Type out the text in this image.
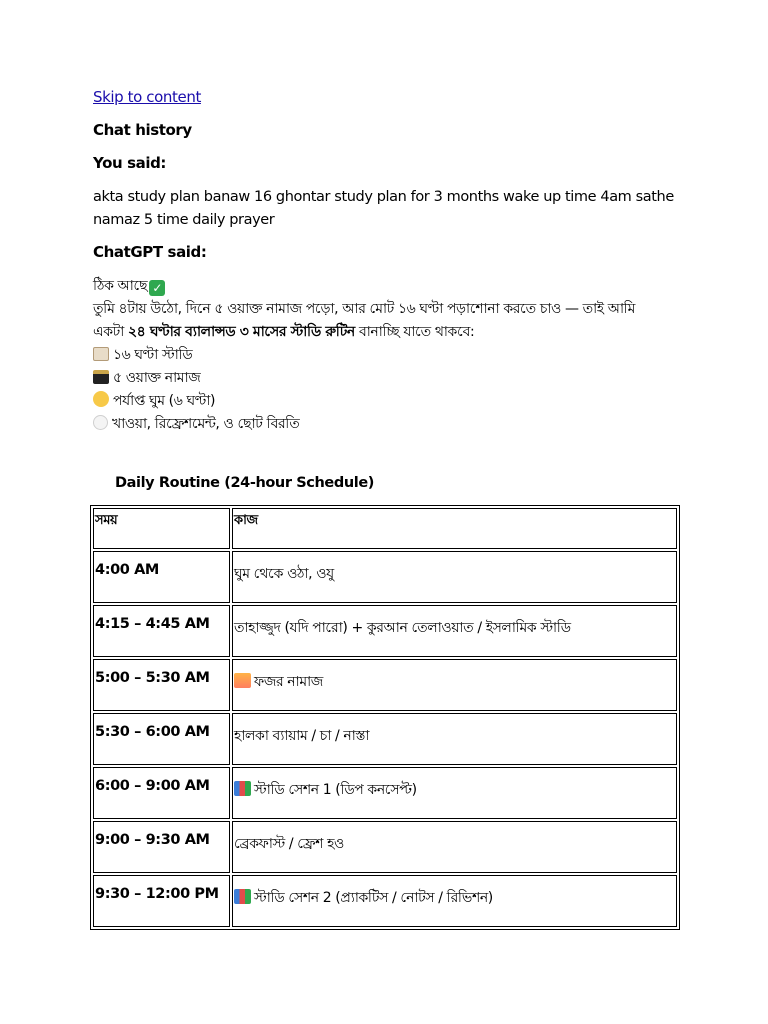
Skip to content
Chat history
You said:
akta study plan banaw 16 ghontar study plan for 3 months wake up time 4am sathe namaz 5 time daily prayer
ChatGPT said:
ঠিক আছে ✓
তুমি ৪টায় উঠো, দিনে ৫ ওয়াক্ত নামাজ পড়ো, আর মোট ১৬ ঘণ্টা পড়াশোনা করতে চাও — তাই আমি
একটা ২৪ ঘণ্টার ব্যালান্সড ৩ মাসের স্টাডি রুটিন বানাচ্ছি যাতে থাকবে:
১৬ ঘণ্টা স্টাডি
৫ ওয়াক্ত নামাজ
পর্যাপ্ত ঘুম (৬ ঘণ্টা)
খাওয়া, রিফ্রেশমেন্ট, ও ছোট বিরতি
Daily Routine (24-hour Schedule)
সময়	কাজ
4:00 AM	ঘুম থেকে ওঠা, ওযু
4:15 – 4:45 AM	তাহাজ্জুদ (যদি পারো) + কুরআন তেলাওয়াত / ইসলামিক স্টাডি
5:00 – 5:30 AM	ফজর নামাজ
5:30 – 6:00 AM	হালকা ব্যায়াম / চা / নাস্তা
6:00 – 9:00 AM	স্টাডি সেশন 1 (ডিপ কনসেপ্ট)
9:00 – 9:30 AM	ব্রেকফাস্ট / ফ্রেশ হও
9:30 – 12:00 PM	স্টাডি সেশন 2 (প্র্যাকটিস / নোটস / রিভিশন)
